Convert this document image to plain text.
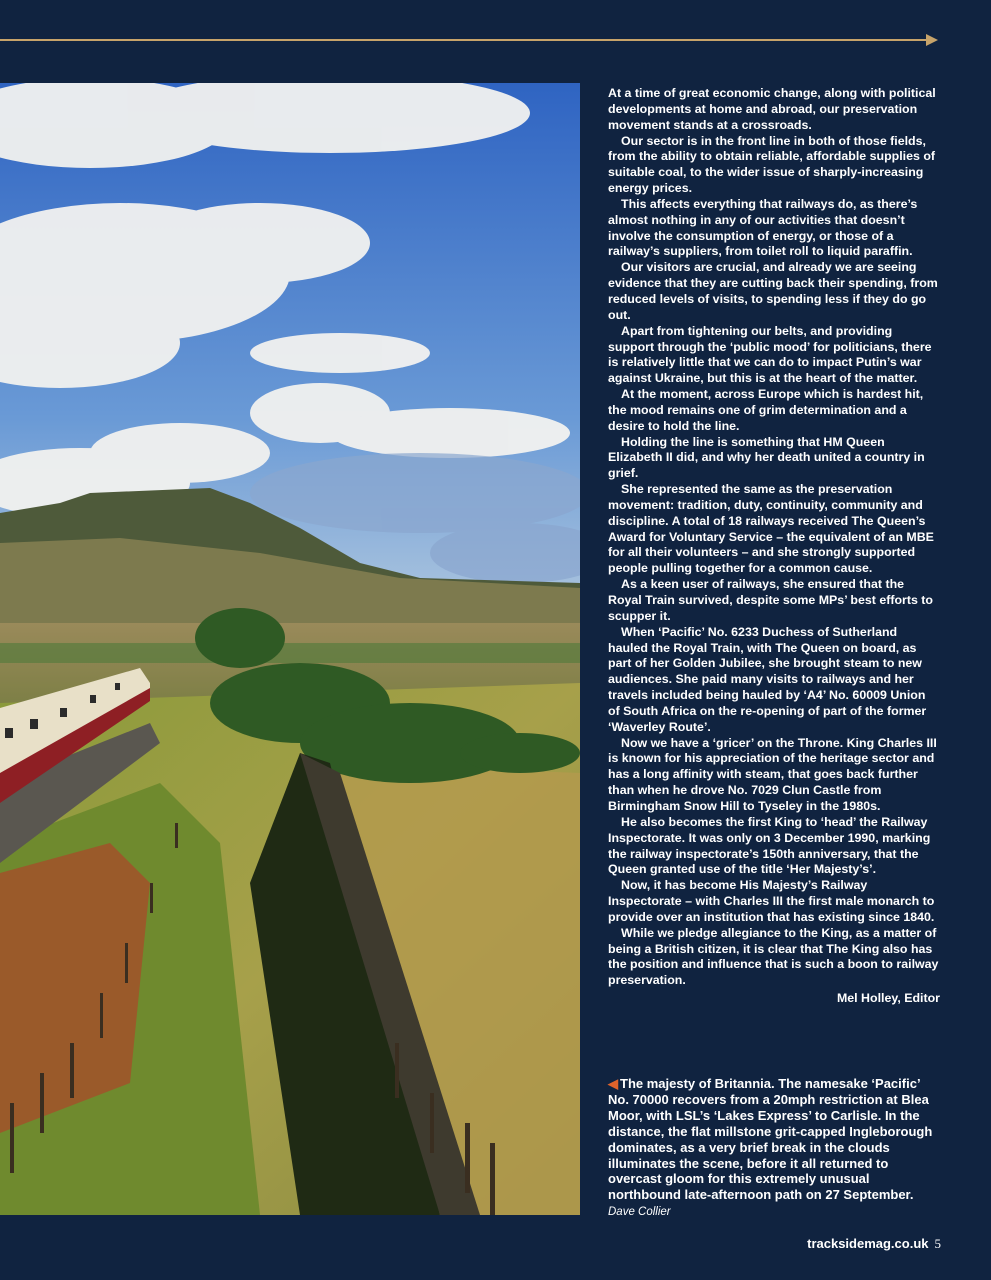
At a time of great economic change, along with political developments at home and abroad, our preservation movement stands at a crossroads.

Our sector is in the front line in both of those fields, from the ability to obtain reliable, affordable supplies of suitable coal, to the wider issue of sharply-increasing energy prices.

This affects everything that railways do, as there’s almost nothing in any of our activities that doesn’t involve the consumption of energy, or those of a railway’s suppliers, from toilet roll to liquid paraffin.

Our visitors are crucial, and already we are seeing evidence that they are cutting back their spending, from reduced levels of visits, to spending less if they do go out.

Apart from tightening our belts, and providing support through the ‘public mood’ for politicians, there is relatively little that we can do to impact Putin’s war against Ukraine, but this is at the heart of the matter.

At the moment, across Europe which is hardest hit, the mood remains one of grim determination and a desire to hold the line.

Holding the line is something that HM Queen Elizabeth II did, and why her death united a country in grief.

She represented the same as the preservation movement: tradition, duty, continuity, community and discipline. A total of 18 railways received The Queen’s Award for Voluntary Service – the equivalent of an MBE for all their volunteers – and she strongly supported people pulling together for a common cause.

As a keen user of railways, she ensured that the Royal Train survived, despite some MPs’ best efforts to scupper it.

When ‘Pacific’ No. 6233 Duchess of Sutherland hauled the Royal Train, with The Queen on board, as part of her Golden Jubilee, she brought steam to new audiences. She paid many visits to railways and her travels included being hauled by ‘A4’ No. 60009 Union of South Africa on the re-opening of part of the former ‘Waverley Route’.

Now we have a ‘gricer’ on the Throne. King Charles III is known for his appreciation of the heritage sector and has a long affinity with steam, that goes back further than when he drove No. 7029 Clun Castle from Birmingham Snow Hill to Tyseley in the 1980s.

He also becomes the first King to ‘head’ the Railway Inspectorate. It was only on 3 December 1990, marking the railway inspectorate’s 150th anniversary, that the Queen granted use of the title ‘Her Majesty’s’.

Now, it has become His Majesty’s Railway Inspectorate – with Charles III the first male monarch to provide over an institution that has existing since 1840.

While we pledge allegiance to the King, as a matter of being a British citizen, it is clear that The King also has the position and influence that is such a boon to railway preservation.

Mel Holley, Editor
◀ The majesty of Britannia. The namesake ‘Pacific’ No. 70000 recovers from a 20mph restriction at Blea Moor, with LSL’s ‘Lakes Express’ to Carlisle. In the distance, the flat millstone grit-capped Ingleborough dominates, as a very brief break in the clouds illuminates the scene, before it all returned to overcast gloom for this extremely unusual northbound late-afternoon path on 27 September. Dave Collier
tracksidemag.co.uk 5
